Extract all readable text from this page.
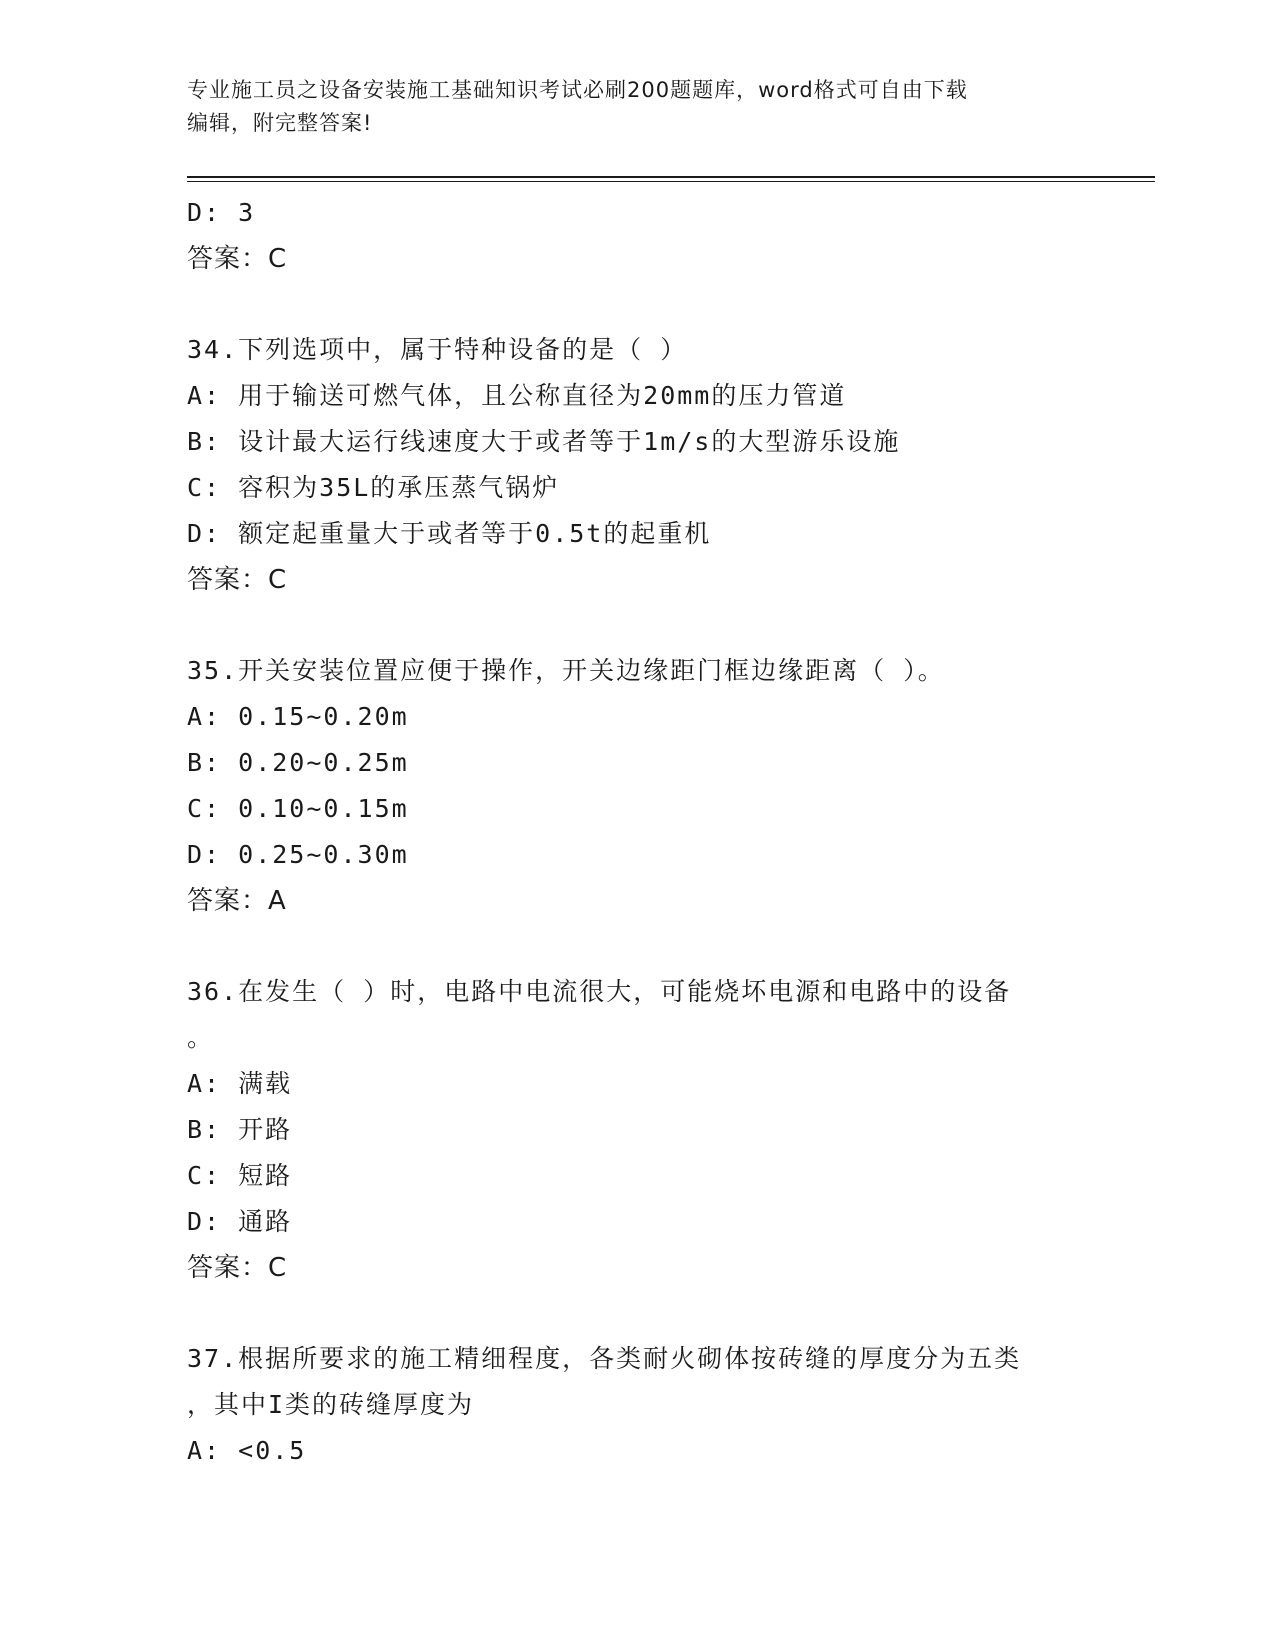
专业施工员之设备安装施工基础知识考试必刷200题题库，word格式可自由下载
编辑，附完整答案!
D: 3
答案：C
34.下列选项中，属于特种设备的是（ ）
A: 用于输送可燃气体，且公称直径为20mm的压力管道
B: 设计最大运行线速度大于或者等于1m/s的大型游乐设施
C: 容积为35L的承压蒸气锅炉
D: 额定起重量大于或者等于0.5t的起重机
答案：C
35.开关安装位置应便于操作，开关边缘距门框边缘距离（ ）。
A: 0.15~0.20m
B: 0.20~0.25m
C: 0.10~0.15m
D: 0.25~0.30m
答案：A
36.在发生（ ）时，电路中电流很大，可能烧坏电源和电路中的设备
。
A: 满载
B: 开路
C: 短路
D: 通路
答案：C
37.根据所要求的施工精细程度，各类耐火砌体按砖缝的厚度分为五类
，其中I类的砖缝厚度为
A: <0.5
